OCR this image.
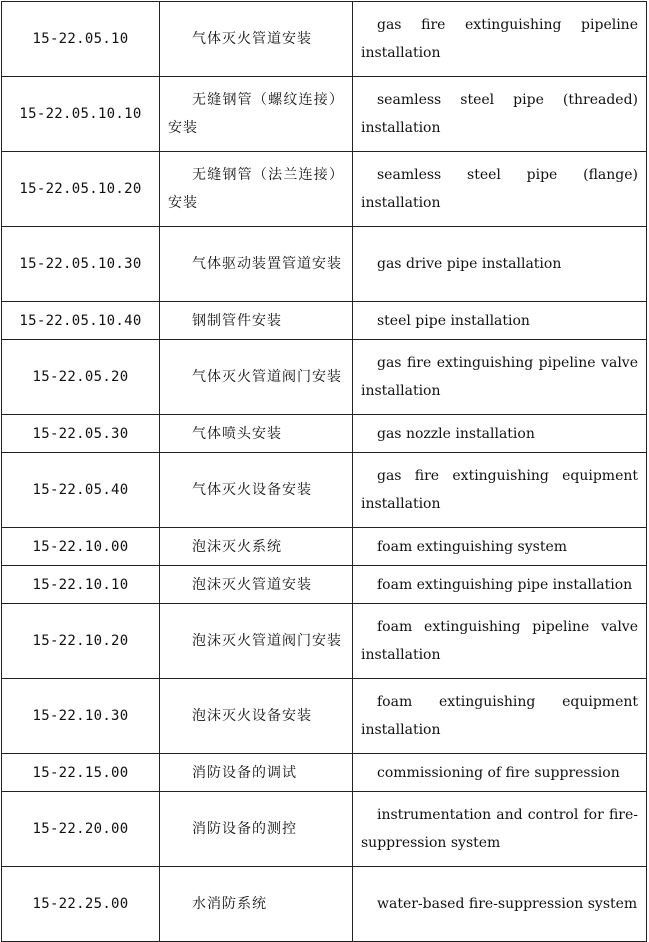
15-22.05.10	气体灭火管道安装	gas fire extinguishing pipeline installation
15-22.05.10.10	无缝钢管（螺纹连接）安装	seamless steel pipe (threaded) installation
15-22.05.10.20	无缝钢管（法兰连接）安装	seamless steel pipe (flange) installation
15-22.05.10.30	气体驱动装置管道安装	gas drive pipe installation
15-22.05.10.40	钢制管件安装	steel pipe installation
15-22.05.20	气体灭火管道阀门安装	gas fire extinguishing pipeline valve installation
15-22.05.30	气体喷头安装	gas nozzle installation
15-22.05.40	气体灭火设备安装	gas fire extinguishing equipment installation
15-22.10.00	泡沫灭火系统	foam extinguishing system
15-22.10.10	泡沫灭火管道安装	foam extinguishing pipe installation
15-22.10.20	泡沫灭火管道阀门安装	foam extinguishing pipeline valve installation
15-22.10.30	泡沫灭火设备安装	foam extinguishing equipment installation
15-22.15.00	消防设备的调试	commissioning of fire suppression
15-22.20.00	消防设备的测控	instrumentation and control for fire-suppression system
15-22.25.00	水消防系统	water-based fire-suppression system
